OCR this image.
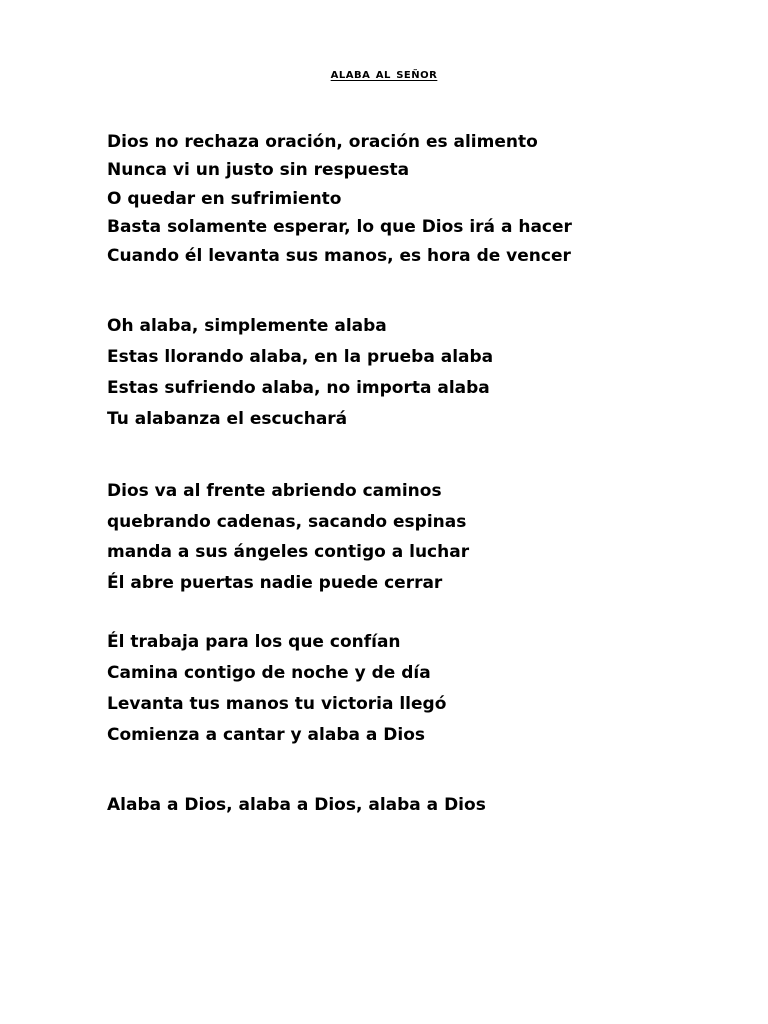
alaba al señor
Dios no rechaza oración, oración es alimento
Nunca vi un justo sin respuesta
O quedar en sufrimiento
Basta solamente esperar, lo que Dios irá a hacer
Cuando él levanta sus manos, es hora de vencer
Oh alaba, simplemente alaba
Estas llorando alaba, en la prueba alaba
Estas sufriendo alaba, no importa alaba
Tu alabanza el escuchará
Dios va al frente abriendo caminos
quebrando cadenas, sacando espinas
manda a sus ángeles contigo a luchar
Él abre puertas nadie puede cerrar
Él trabaja para los que confían
Camina contigo de noche y de día
Levanta tus manos tu victoria llegó
Comienza a cantar y alaba a Dios
Alaba a Dios, alaba a Dios, alaba a Dios
